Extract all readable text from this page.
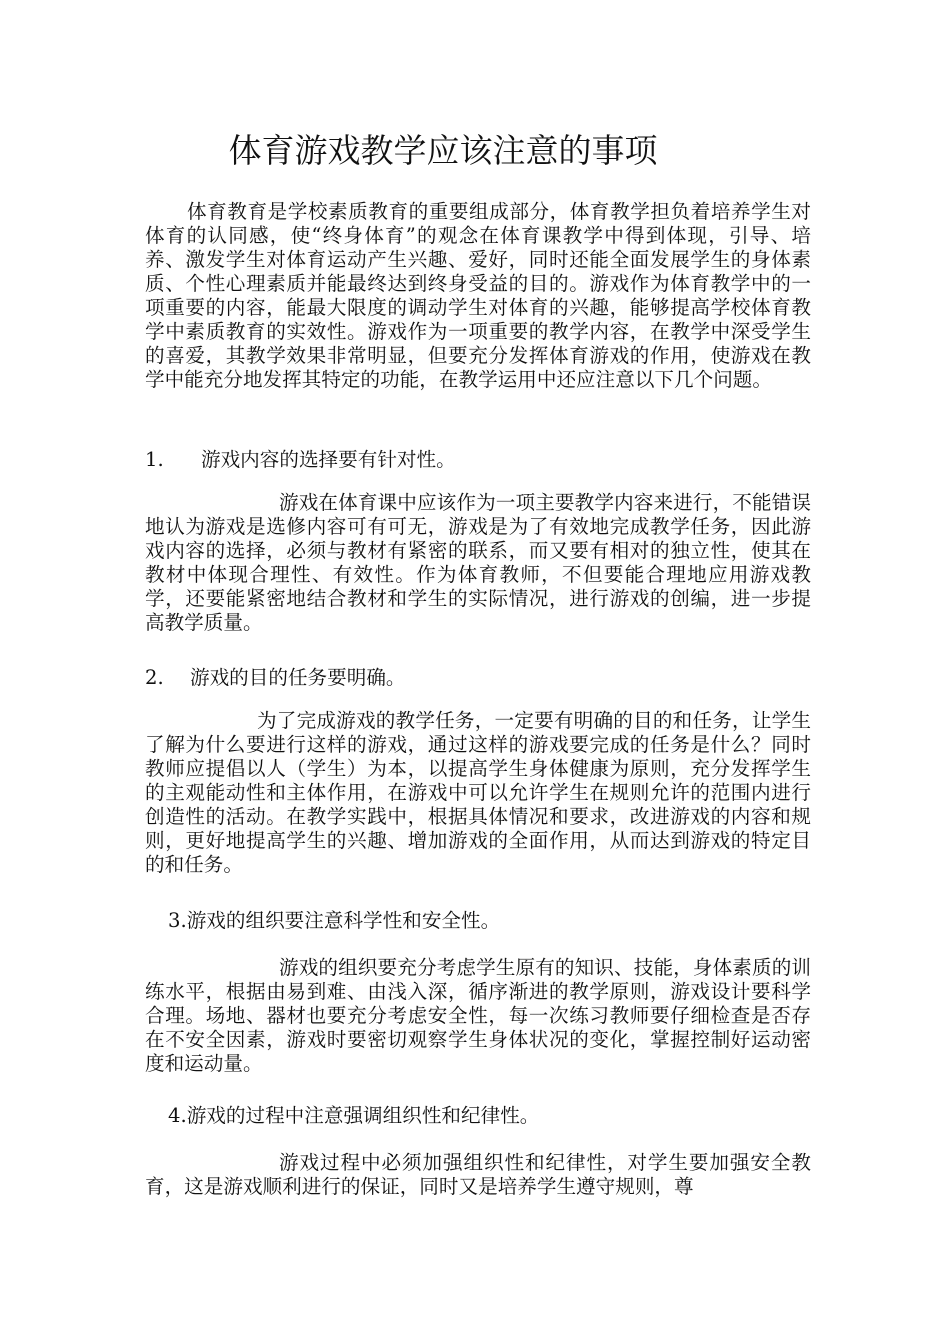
体育游戏教学应该注意的事项

体育教育是学校素质教育的重要组成部分，体育教学担负着培养学生对体育的认同感，使“终身体育”的观念在体育课教学中得到体现，引导、培养、激发学生对体育运动产生兴趣、爱好，同时还能全面发展学生的身体素质、个性心理素质并能最终达到终身受益的目的。游戏作为体育教学中的一项重要的内容，能最大限度的调动学生对体育的兴趣，能够提高学校体育教学中素质教育的实效性。游戏作为一项重要的教学内容，在教学中深受学生的喜爱，其教学效果非常明显，但要充分发挥体育游戏的作用，使游戏在教学中能充分地发挥其特定的功能，在教学运用中还应注意以下几个问题。

1. 游戏内容的选择要有针对性。

游戏在体育课中应该作为一项主要教学内容来进行，不能错误地认为游戏是选修内容可有可无，游戏是为了有效地完成教学任务，因此游戏内容的选择，必须与教材有紧密的联系，而又要有相对的独立性，使其在教材中体现合理性、有效性。作为体育教师，不但要能合理地应用游戏教学，还要能紧密地结合教材和学生的实际情况，进行游戏的创编，进一步提高教学质量。

2. 游戏的目的任务要明确。

为了完成游戏的教学任务，一定要有明确的目的和任务，让学生了解为什么要进行这样的游戏，通过这样的游戏要完成的任务是什么？同时教师应提倡以人（学生）为本，以提高学生身体健康为原则，充分发挥学生的主观能动性和主体作用，在游戏中可以允许学生在规则允许的范围内进行创造性的活动。在教学实践中，根据具体情况和要求，改进游戏的内容和规则，更好地提高学生的兴趣、增加游戏的全面作用，从而达到游戏的特定目的和任务。

3.游戏的组织要注意科学性和安全性。

游戏的组织要充分考虑学生原有的知识、技能，身体素质的训练水平，根据由易到难、由浅入深，循序渐进的教学原则，游戏设计要科学合理。场地、器材也要充分考虑安全性，每一次练习教师要仔细检查是否存在不安全因素，游戏时要密切观察学生身体状况的变化，掌握控制好运动密度和运动量。

4.游戏的过程中注意强调组织性和纪律性。

游戏过程中必须加强组织性和纪律性，对学生要加强安全教育，这是游戏顺利进行的保证，同时又是培养学生遵守规则，尊
